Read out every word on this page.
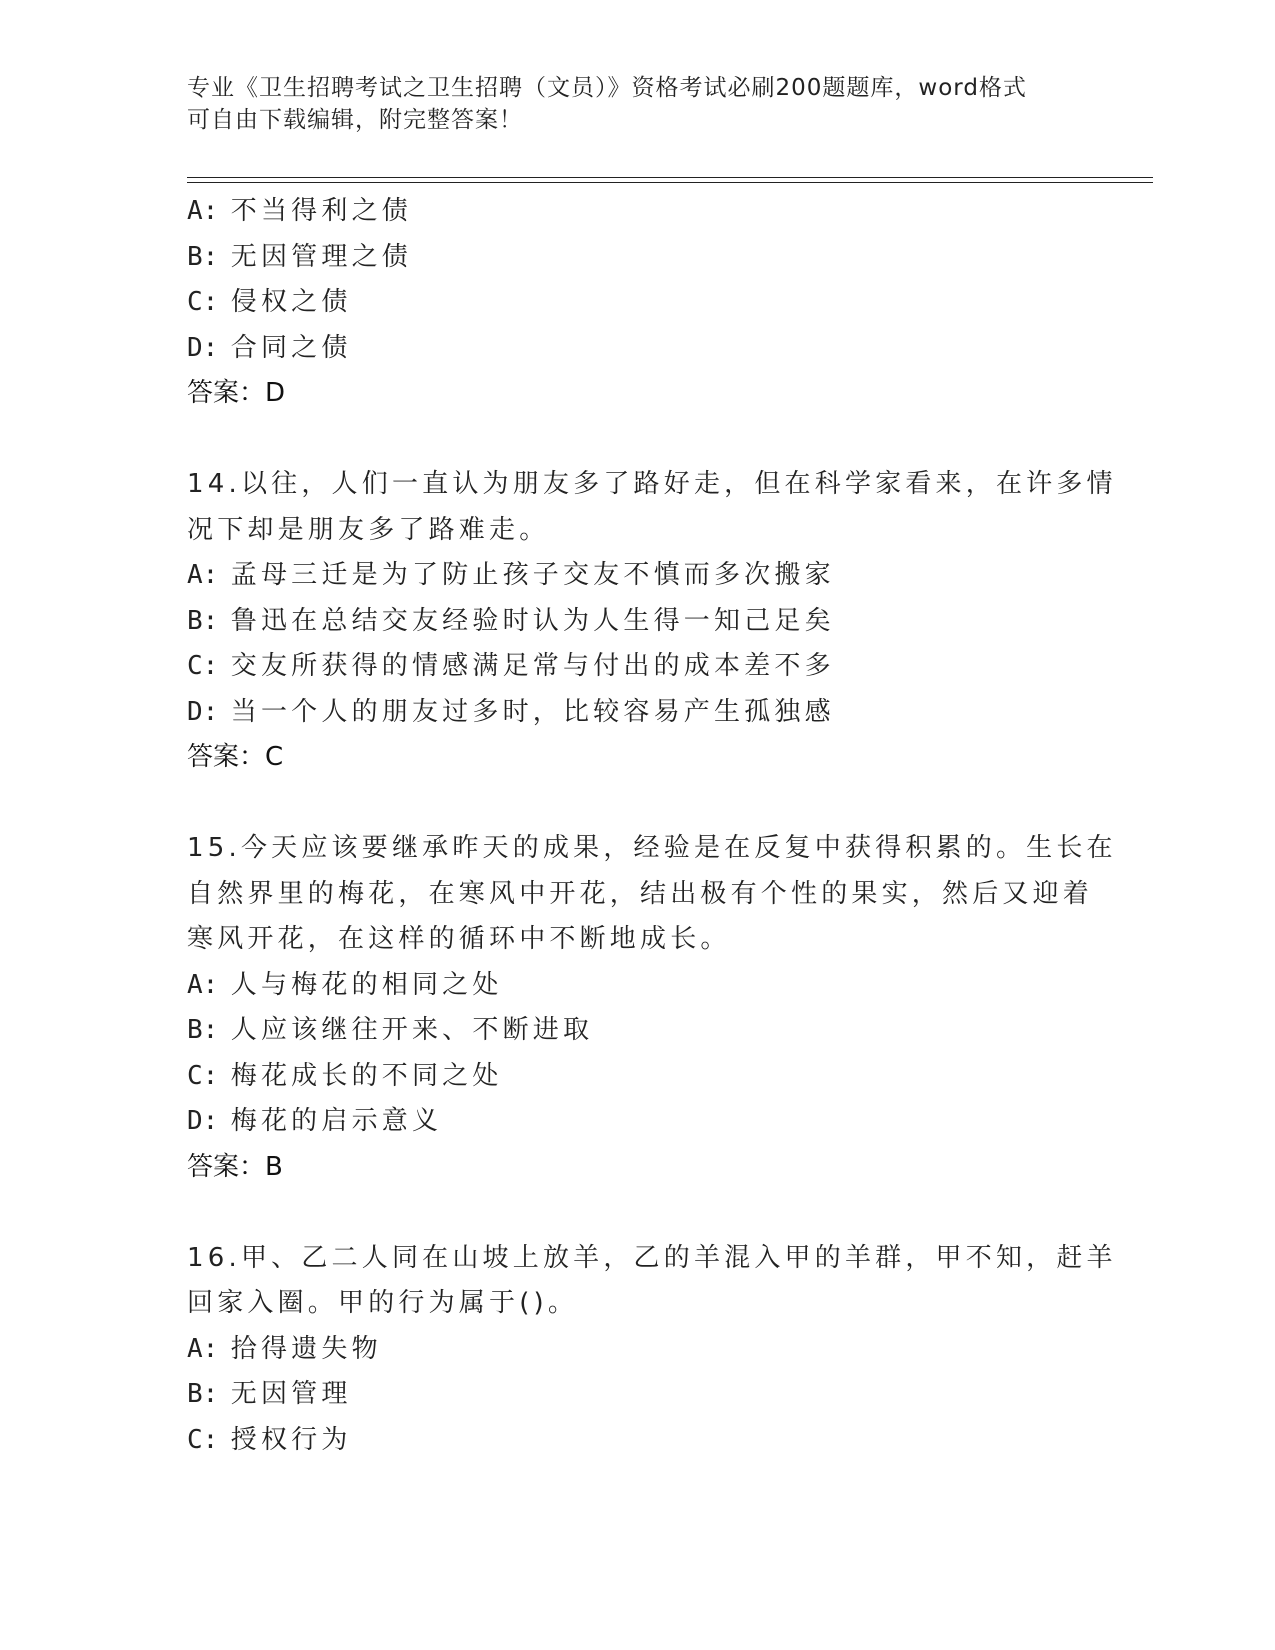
专业《卫生招聘考试之卫生招聘（文员）》资格考试必刷200题题库，word格式
可自由下载编辑，附完整答案！
A: 不当得利之债
B: 无因管理之债
C: 侵权之债
D: 合同之债
答案：D
14.以往，人们一直认为朋友多了路好走，但在科学家看来，在许多情
况下却是朋友多了路难走。
A: 孟母三迁是为了防止孩子交友不慎而多次搬家
B: 鲁迅在总结交友经验时认为人生得一知己足矣
C: 交友所获得的情感满足常与付出的成本差不多
D: 当一个人的朋友过多时，比较容易产生孤独感
答案：C
15.今天应该要继承昨天的成果，经验是在反复中获得积累的。生长在
自然界里的梅花，在寒风中开花，结出极有个性的果实，然后又迎着
寒风开花，在这样的循环中不断地成长。
A: 人与梅花的相同之处
B: 人应该继往开来、不断进取
C: 梅花成长的不同之处
D: 梅花的启示意义
答案：B
16.甲、乙二人同在山坡上放羊，乙的羊混入甲的羊群，甲不知，赶羊
回家入圈。甲的行为属于()。
A: 拾得遗失物
B: 无因管理
C: 授权行为
